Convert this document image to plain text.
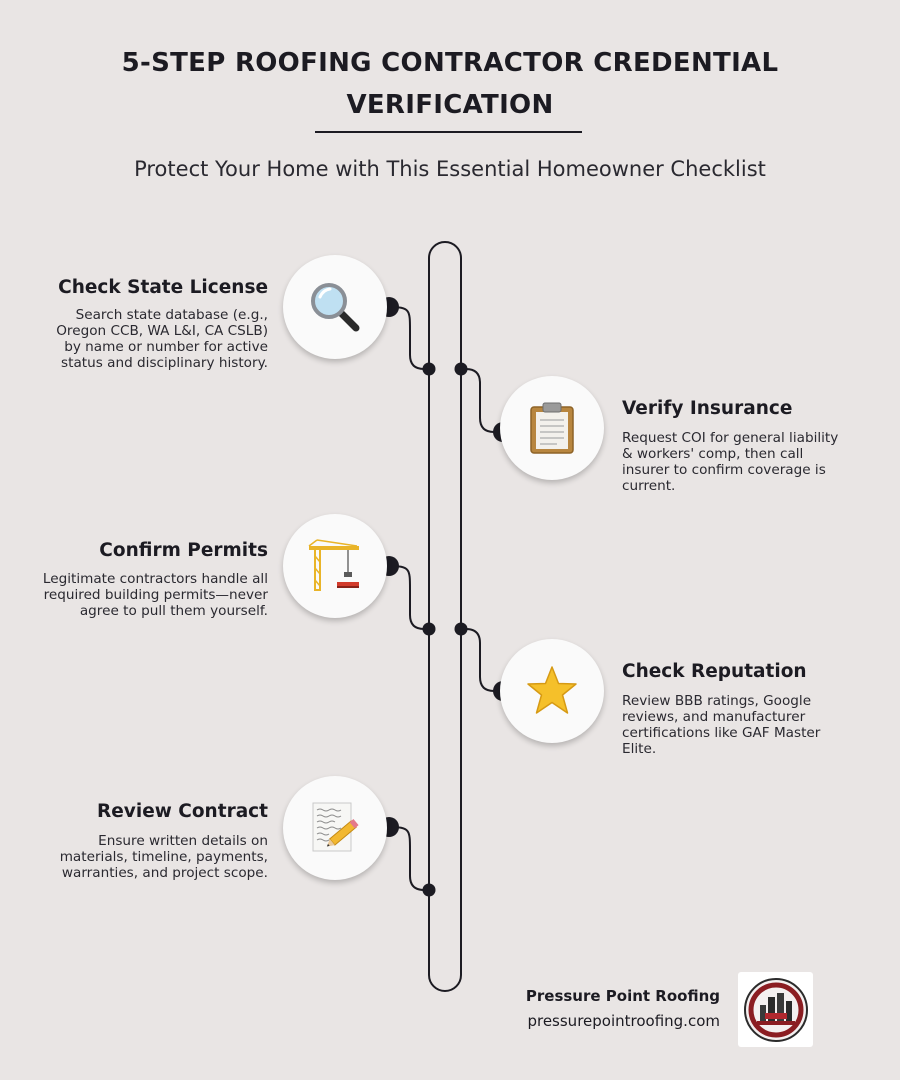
5-STEP ROOFING CONTRACTOR CREDENTIAL
VERIFICATION

Protect Your Home with This Essential Homeowner Checklist

Check State License

Search state database (e.g., Oregon CCB, WA L&I, CA CSLB) by name or number for active status and disciplinary history.

Verify Insurance

Request COI for general liability & workers' comp, then call insurer to confirm coverage is current.

Confirm Permits

Legitimate contractors handle all required building permits—never agree to pull them yourself.

Check Reputation

Review BBB ratings, Google reviews, and manufacturer certifications like GAF Master Elite.

Review Contract

Ensure written details on materials, timeline, payments, warranties, and project scope.

Pressure Point Roofing
pressurepointroofing.com
